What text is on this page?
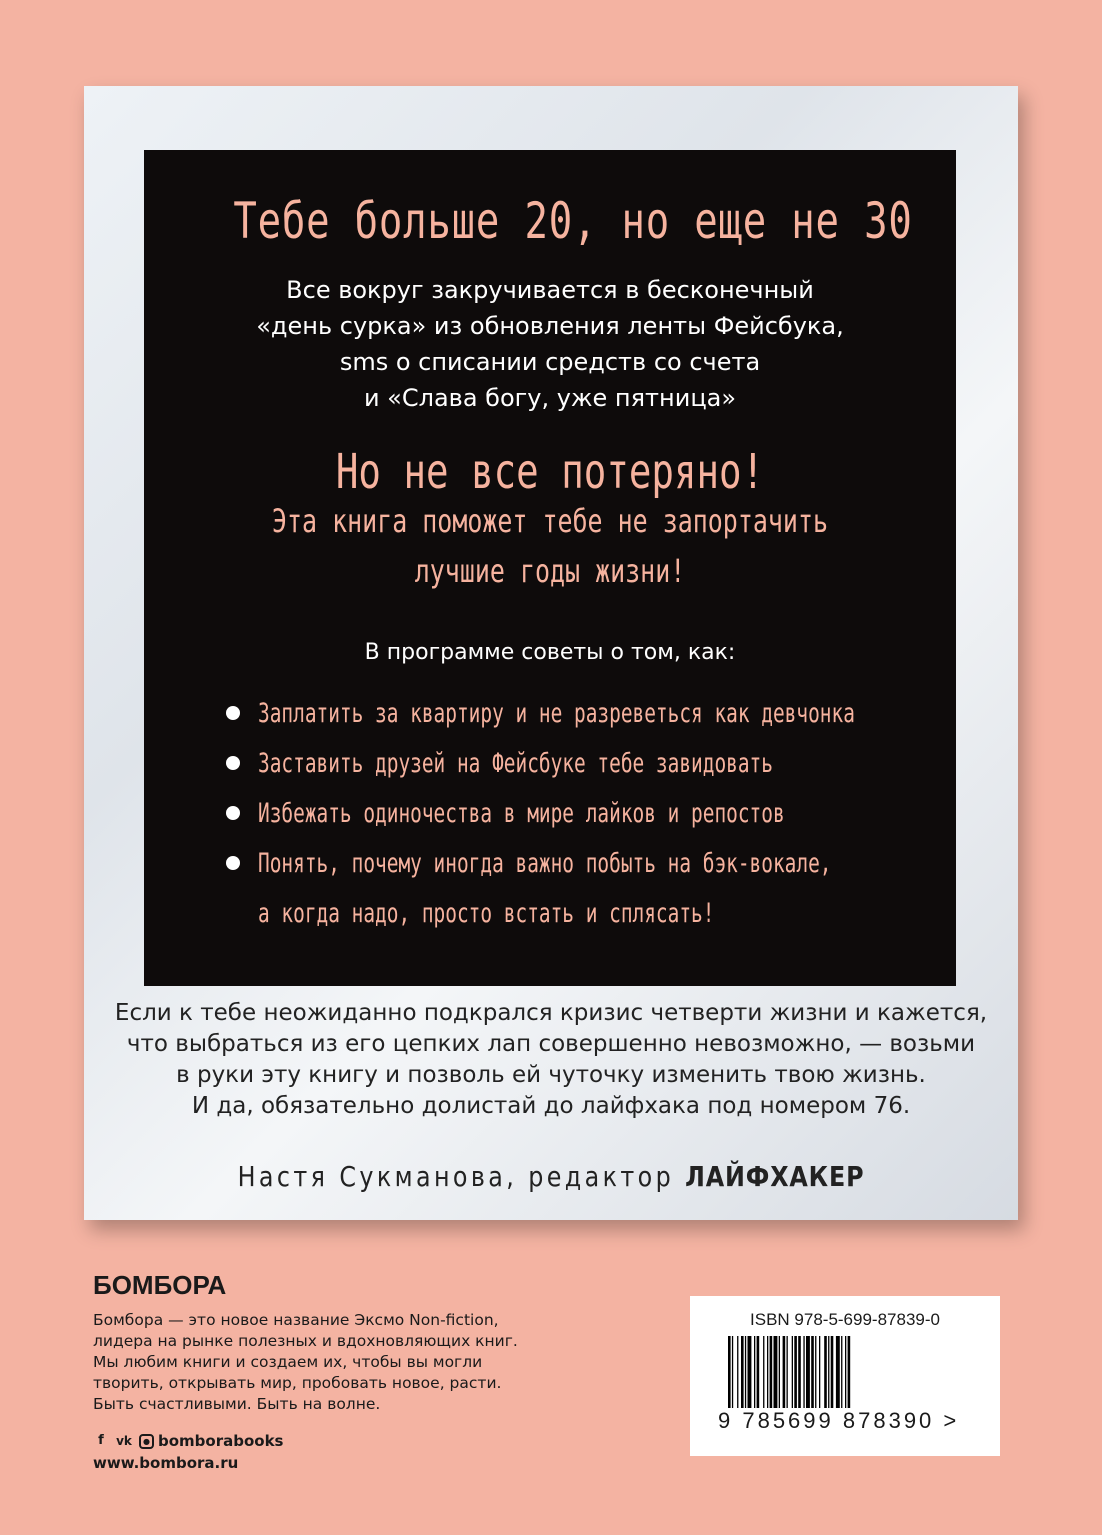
Тебе больше 20, но еще не 30
Все вокруг закручивается в бесконечный
«день сурка» из обновления ленты Фейсбука,
sms о списании средств со счета
и «Слава богу, уже пятница»
Но не все потеряно!
Эта книга поможет тебе не запортачить
лучшие годы жизни!
В программе советы о том, как:
Заплатить за квартиру и не разреветься как девчонка
Заставить друзей на Фейсбуке тебе завидовать
Избежать одиночества в мире лайков и репостов
Понять, почему иногда важно побыть на бэк-вокале,
а когда надо, просто встать и сплясать!
Если к тебе неожиданно подкрался кризис четверти жизни и кажется,
что выбраться из его цепких лап совершенно невозможно, — возьми
в руки эту книгу и позволь ей чуточку изменить твою жизнь.
И да, обязательно долистай до лайфхака под номером 76.
Настя Сукманова, редактор ЛАЙФХАКЕР
БОМБОРА
Бомбора — это новое название Эксмо Non-fiction,
лидера на рынке полезных и вдохновляющих книг.
Мы любим книги и создаем их, чтобы вы могли
творить, открывать мир, пробовать новое, расти.
Быть счастливыми. Быть на волне.
f	vk	● bomborabooks
www.bombora.ru
ISBN 978-5-699-87839-0
9 785699 878390 >
